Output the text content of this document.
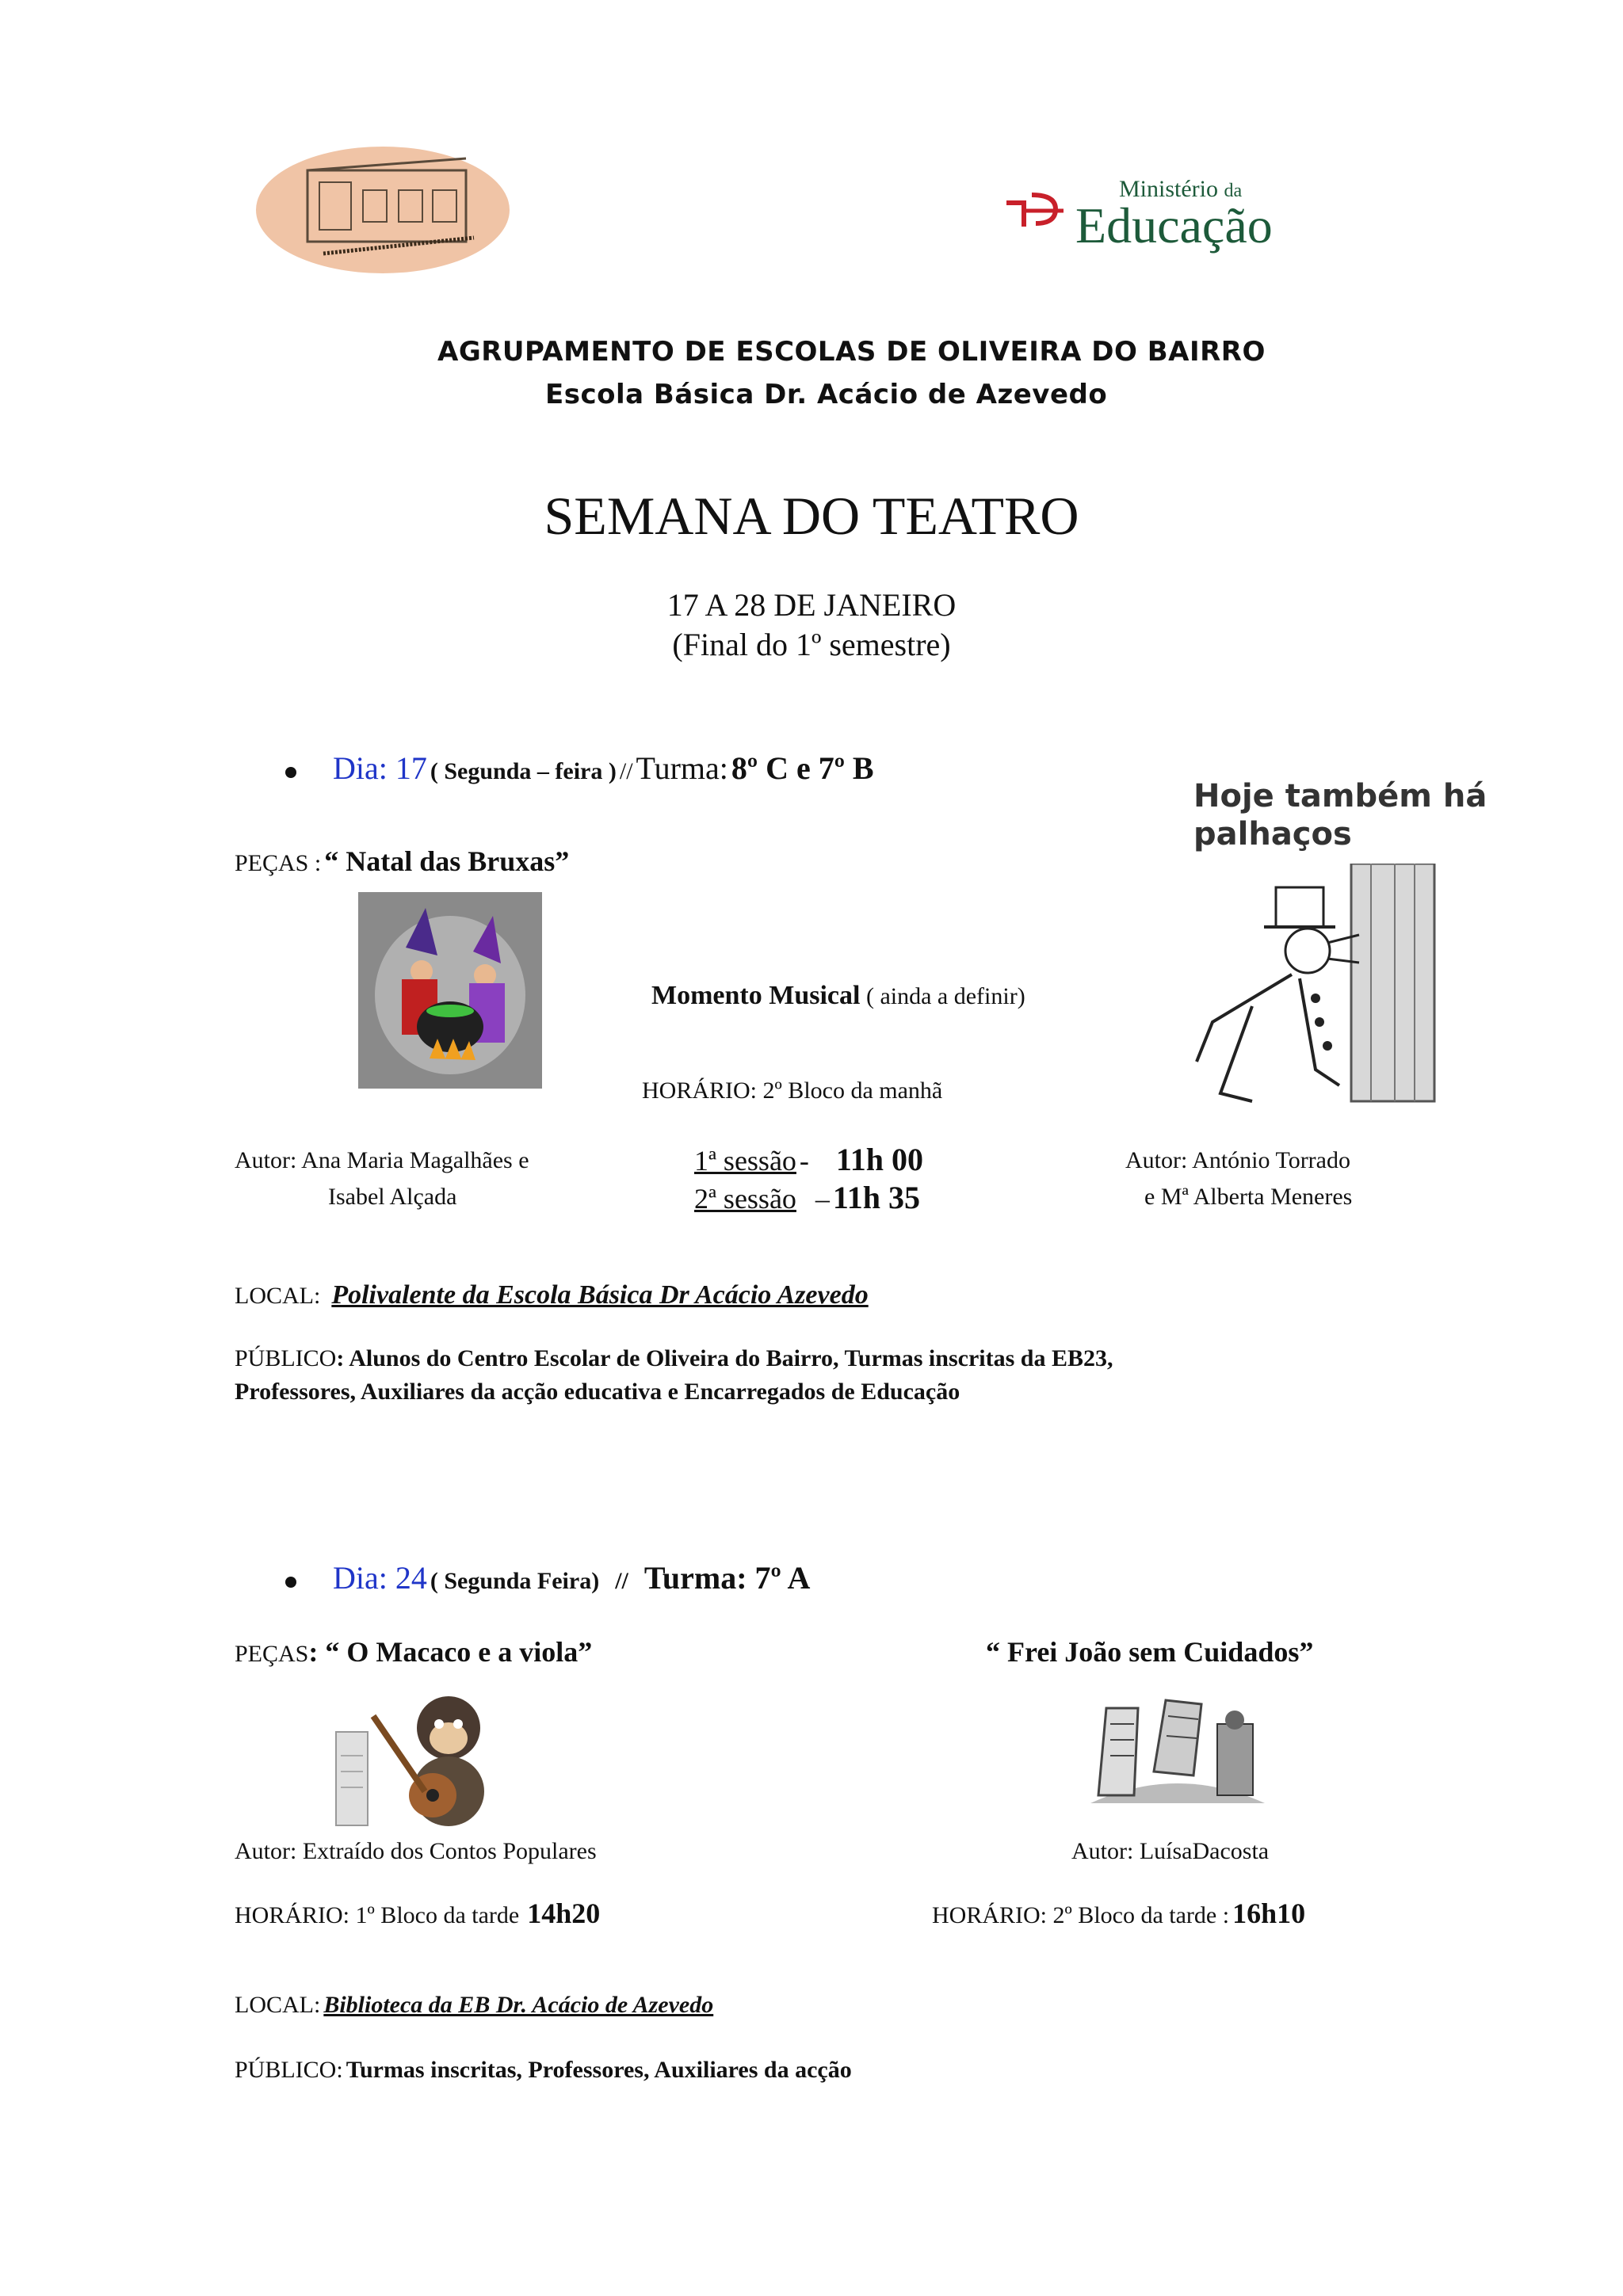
Ministério da
Educação
AGRUPAMENTO DE ESCOLAS DE OLIVEIRA DO BAIRRO
Escola Básica Dr. Acácio de Azevedo
SEMANA DO TEATRO
17 A 28 DE JANEIRO
(Final do 1º semestre)
Dia: 17 ( Segunda – feira ) // Turma: 8º C e 7º B
PEÇAS : “ Natal das Bruxas”
Hoje também há
palhaços
Momento Musical ( ainda a definir)
HORÁRIO: 2º Bloco da manhã
Autor: Ana Maria Magalhães e
Isabel Alçada
1ª sessão - 11h 00
2ª sessão – 11h 35
Autor: António Torrado
e Mª Alberta Meneres
LOCAL: Polivalente da Escola Básica Dr Acácio Azevedo
PÚBLICO: Alunos do Centro Escolar de Oliveira do Bairro, Turmas inscritas da EB23,
Professores, Auxiliares da acção educativa e Encarregados de Educação
Dia: 24 ( Segunda Feira) // Turma: 7º A
PEÇAS: “ O Macaco e a viola”	“ Frei João sem Cuidados”
Autor: Extraído dos Contos Populares	Autor: LuísaDacosta
HORÁRIO: 1º Bloco da tarde 14h20	HORÁRIO: 2º Bloco da tarde : 16h10
LOCAL: Biblioteca da EB Dr. Acácio de Azevedo
PÚBLICO: Turmas inscritas, Professores, Auxiliares da acção
